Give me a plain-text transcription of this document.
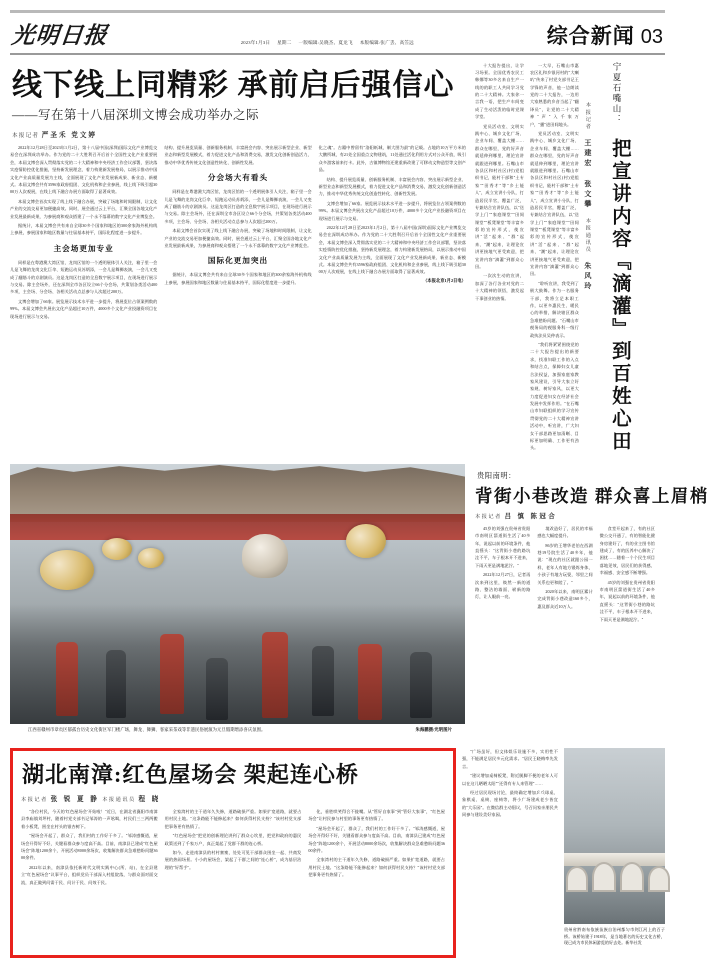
光明日报	2023年1月3日 星期二 一版编辑:吴晓杰、夏龙飞 本版编辑:张广丢、高笠远	综合新闻 03
线下线上同精彩 承前启后强信心
——写在第十八届深圳文博会成功举办之际
本报记者 严圣禾 党文婷

2022年12月28日至2023年1月2日，第十八届中国(深圳)国际文化产业博览交易会在深圳成功举办。作为党的二十大胜利召开后首个全国性文化产业重要展会，本届文博会深入贯彻落实党的二十大精神和中央经济工作会议部署，坚决落实疫情防控优化措施，坚持新发展理念，着力构建新发展格局，以展示推动中国文化产业高质量发展为主线，全面展现了文化产业发展新成果、新业态、新模式。本届文博会共有3596家政府组团、文化机构和企业参展，线上线下吸引超3000万人次观展，在线上线下融合办展方面取得了显著成效。

本届文博会首次实现了线上线下融合办展，突破了场地和时间限制，让文化产业的交流交易更加便捷高效。同时，展会通过云上平台，汇聚全国各地文化产业发展最新成果，为参展商和观众搭建了一个永不落幕的数字文化产业博览会。

据统计，本届文博会共有来自全球30多个国家和地区的300余家海外机构线上参展，参展国家和地区数量与往届基本持平，国际化程度进一步提升。

主会场更加专业

同样是在粤港澳大湾区馆，龙岗区馆的一个透明展体引人关注，箱子里一会儿是飞舞的龙岗文化巨伞、短跑运动员苏炳添，一会儿是舞狮表演，一会儿又变成了翻筋斗的京剧演员。这是龙岗区打造的全息数字展示项目，在现场进行展示与交易。除主会场外，还在深圳全市各区设立66个分会场，共策划各类活动400多项，主会场、分会场、各相关活动点总参与人次超过200万。

文博会增加了66家。展览展示技术水平进一步提升，将展览位占领案例数的99%。本届文博会共展出文化产品超过10万件，4000多个文化产业投融资项目在现场进行展示与交易。

结构、提升展览质量、创新服务机制、丰富展会内容、突出展示新型企业、新型业态和新型发展模式，着力促进文化产品和消费交易，激发文化创新创造活力，推动中华优秀传统文化创造性转化、创新性发展。

分会场大有看头

同样是在粤港澳大湾区馆，龙岗区馆的一个透明展体引人关注，箱子里一会儿是飞舞的龙岗文化巨伞、短跑运动员苏炳添，一会儿是舞狮表演，一会儿又变成了翻筋斗的京剧演员。这是龙岗区打造的全息数字展示项目，在现场进行展示与交易。除主会场外，还在深圳全市各区设立66个分会场，共策划各类活动400多项，主会场、分会场、各相关活动点总参与人次超过200万。

本届文博会首次实现了线上线下融合办展，突破了场地和时间限制，让文化产业的交流交易更加便捷高效。同时，展会通过云上平台，汇聚全国各地文化产业发展最新成果，为参展商和观众搭建了一个永不落幕的数字文化产业博览会。

国际化更加突出

据统计，本届文博会共有来自全球30多个国家和地区的300余家海外机构线上参展，参展国家和地区数量与往届基本持平，国际化程度进一步提升。

化之魂"。古籍中曾留有"洛阳纸城，制大图为最"的记载。占地约10万平方米的大鹏所城，有21处全国重点文物建筑，11处通过活化利用方式对公众开放，吸引众多游客前来打卡。此外，古镇博物馆还建重新改建了可移动文物造型等文创产品。

结构、提升展览质量、创新服务机制、丰富展会内容、突出展示新型企业、新型业态和新型发展模式，着力促进文化产品和消费交易，激发文化创新创造活力，推动中华优秀传统文化创造性转化、创新性发展。

文博会增加了66家。展览展示技术水平进一步提升，将展览位占领案例数的99%。本届文博会共展出文化产品超过10万件，4000多个文化产业投融资项目在现场进行展示与交易。

2022年12月28日至2023年1月2日，第十八届中国(深圳)国际文化产业博览交易会在深圳成功举办。作为党的二十大胜利召开后首个全国性文化产业重要展会，本届文博会深入贯彻落实党的二十大精神和中央经济工作会议部署，坚决落实疫情防控优化措施，坚持新发展理念，着力构建新发展格局，以展示推动中国文化产业高质量发展为主线，全面展现了文化产业发展新成果、新业态、新模式。本届文博会共有3596家政府组团、文化机构和企业参展，线上线下吸引超3000万人次观展，在线上线下融合办展方面取得了显著成效。

（本报北京1月2日电）
宁夏石嘴山：
把宣讲内容『滴灌』到百姓心田
本报记者 王建宏 张文攀 本报通讯员 朱风玲

十大报告提出，让学习场景。全国优秀农民工韩娜等30多名来自生产一线的的职工人共同学习党的二十大精神。大家你一言我一语，把生产车间变成了生动活泼的临时党课学堂。

党员活动室、文明实践中心、城乡文化广场、企业车间、覆盖大棚……群众在哪里，党的好声音就延伸到哪里，理论宣讲就跟进到哪里。石嘴山市各县区和村社区(村)党组织书记，能村干部和"土专家""田秀才"等"乡土能人"，成立宣讲小分队，打造居民半官，覆盖广泛，专兼结合宣讲队伍，以"送学上门""家庭课堂""田间课堂""板凳课堂"等丰富多彩的宣传形式，使宣讲"活"起来、"群"起来、"潮"起来，让理论宣讲更接地气更受欢迎，把宣讲内容"滴灌"到群众心田。

一次次生动的宣讲，加深了各行各业对党的二十大精神的领悟，激发起干事创业的热情。

一大早，石嘴山市惠农区礼和乡银河村的"大喇叭"传来了村党支部书记王学锋的声音，他一边朗读党的二十大报告，一边用大家熟悉的乡音当起了"翻译员"，让党的二十大精神"声"入千家万户，"播"进田间地头。

党员活动室、文明实践中心、城乡文化广场、企业车间、覆盖大棚……群众在哪里，党的好声音就延伸到哪里，理论宣讲就跟进到哪里。石嘴山市各县区和村社区(村)党组织书记，能村干部和"土专家""田秀才"等"乡土能人"，成立宣讲小分队，打造居民半官，覆盖广泛，专兼结合宣讲队伍，以"送学上门""家庭课堂""田间课堂""板凳课堂"等丰富多彩的宣传形式，使宣讲"活"起来、"群"起来、"潮"起来，让理论宣讲更接地气更受欢迎，把宣讲内容"滴灌"到群众心田。

"聆听宣讲，我受到了极大鼓舞。作为一名服务干部，我将立足本职工作，以更多惠民生、暖民心的举措，解决辖区群众急难愁盼问题。"石嘴山市税务局的税服务科一级行政执法员吴仲表示。

"我们将紧紧围绕党的二十大报告提出的新要求，找准妇联工作的入点和结合点，保障妇女儿童合法权益，加强家庭家教家风建设，引导大家立好家规、树好家风，以更大力度促进妇女在经济社会发展中发挥作用。"在石嘴山市妇联组织的学习宣传贯彻党的二十大精神宣讲活动中，听宣讲，广大妇女干部思路更加清晰、目标更加明确、工作更有劲头。

江西省赣州市章贡区郁孤台历史文化街区军门楼广场，舞龙、舞狮、客家采茶戏等非遗民俗展演为元旦假期增添喜庆氛围。	朱海鹏摄/光明图片
贵阳南明：
背街小巷改造 群众喜上眉梢
本报记者 吕 慎 陈冠合

45岁的刘强在贵州省贵阳市南明区箭道街生活了40多年，说起以前的环境条件，他直摇头："这背街小巷的路坑洼不平，车子根本开不进来，下雨天更是满地泥泞。"

2022年12月27日，记者再次来到这里，焕然一新的道路、整洁的墙面、崭新的路灯，让人眼前一亮。

境改造好了，居民的幸福感也大幅度提升。

86岁的王增华老伯在西湖巷19号院生活了40多年，他说："现在的社区就跟公园一样，老年人有地方锻炼身体，小孩子有地方玩耍，邻里之间关系也更和睦了。"

2020年以来，南明区累计完成背街小巷改造160多个，惠及群众近10万人。

食堂开起来了，有的社区微公交开通了，有的智能化健身房建好了，有的业主图书馆建成了，有的医养中心解决了困扰……随着一个个民生项目落地见效，居民们的获得感、幸福感、安全感不断增强。

45岁的刘强在贵州省贵阳市南明区箭道街生活了40多年，说起以前的环境条件，他直摇头："这背街小巷的路坑洼不平，车子根本开不进来，下雨天更是满地泥泞。"

湖北南漳:红色屋场会 架起连心桥
本报记者 张 锐 夏 静 本报通讯员 程 晓

"各位村民，今天的'红色屋场会'开始啦！"近日，在湖北省襄阳市南漳县李庙镇刘坪村，随着村党支部书记邹涛的一声吆喝，村民们三三两两搬着小板凳，围坐在村头的银杏树下。

"屋场会开起了，群众了，我们村的工作好干多了。"邹涛感慨道，屋场会开得好不好，关键看群众参与度高不高。目前，南漳县已建成"红色屋场会"阵地1200余个，开展活动8000余场次，收集解决群众急难愁盼问题3600余件。

2022年以来，南漳县依托新时代文明实践中心(所、站)，在全县建立"红色屋场会"议事平台，组织党员干部深入村组院落，与群众面对面交流，真正做到问需于民、问计于民、问效于民。

全家湾村的主干道年久失修，道路破损严重。如果扩宽道路，就要占用村民土地。"这条路能不能修起来？如何获得村民支持？"该村村党支部把事务更有热情了。

"红色屋场会"把党的创新理论讲到了群众心坎里，把党和政府的惠民政策送到了千家万户，真正架起了党群干群的连心桥。

如今，走进南漳县的村村寨寨，处处可见干部群众围坐一起、共商发展的热闹场景。小小的屋场会，架起了干群之间的"连心桥"，成为基层治理的"好帮手"。

化，垂胜哄笑得合不拢嘴。从"管好自家事"到"管好大家事"，"红色屋场会"让村民参与村里的事务更有热情了。

"屋场会开起了，群众了，我们村的工作好干多了。"邹涛感慨道，屋场会开得好不好，关键看群众参与度高不高。目前，南漳县已建成"红色屋场会"阵地1200余个，开展活动8000余场次，收集解决群众急难愁盼问题3600余件。

全家湾村的主干道年久失修，道路破损严重。如果扩宽道路，就要占用村民土地。"这条路能不能修起来？如何获得村民支持？"该村村党支部把事务更有热情了。

"广场虽好，但文体娱乐设施不多，实用性不强，不能满足居民多元化需求。"居民王晓梅率先发言。

"建议增加桌椅板凳，附近腿脚不便的老年人可以在这儿晒晒太阳""还得有专人来管理"……

经过居民现场讨论，最终确定增加乒乓球桌、象棋桌、桌椅、座椅等，将小广场建成老少皆宜的"大乐园"。在微信群主动倡议，号召问家亲朋民共同参与建设美好家园。

贵州省黔南布依族苗族自治州都匀市剑江河上的百子桥。该桥始建于1918年，是当地著名的历史文化古桥，现已成为市民休闲游览的好去处。新华社发
